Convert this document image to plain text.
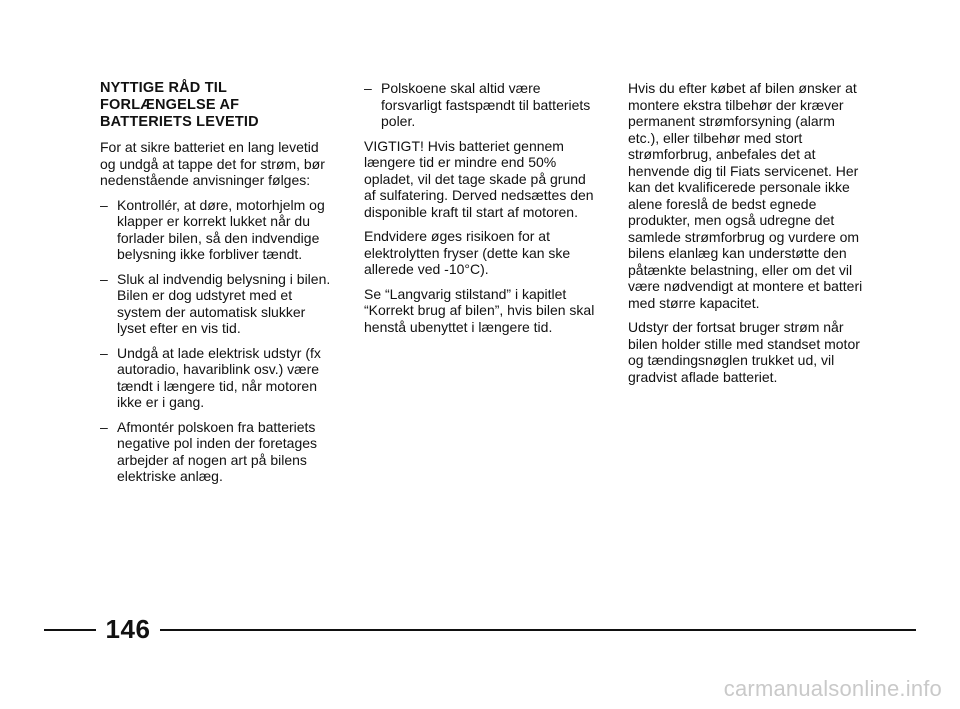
NYTTIGE RÅD TIL FORLÆNGELSE AF BATTERIETS LEVETID

For at sikre batteriet en lang levetid og undgå at tappe det for strøm, bør nedenstående anvisninger følges:

– Kontrollér, at døre, motorhjelm og klapper er korrekt lukket når du forlader bilen, så den indvendige belysning ikke forbliver tændt.
– Sluk al indvendig belysning i bilen. Bilen er dog udstyret med et system der automatisk slukker lyset efter en vis tid.
– Undgå at lade elektrisk udstyr (fx autoradio, havariblink osv.) være tændt i længere tid, når motoren ikke er i gang.
– Afmontér polskoen fra batteriets negative pol inden der foretages arbejder af nogen art på bilens elektriske anlæg.
– Polskoene skal altid være forsvarligt fastspændt til batteriets poler.

VIGTIGT! Hvis batteriet gennem længere tid er mindre end 50% opladet, vil det tage skade på grund af sulfatering. Derved nedsættes den disponible kraft til start af motoren.

Endvidere øges risikoen for at elektrolytten fryser (dette kan ske allerede ved -10°C).

Se “Langvarig stilstand” i kapitlet “Korrekt brug af bilen”, hvis bilen skal henstå ubenyttet i længere tid.

Hvis du efter købet af bilen ønsker at montere ekstra tilbehør der kræver permanent strømforsyning (alarm etc.), eller tilbehør med stort strømforbrug, anbefales det at henvende dig til Fiats servicenet. Her kan det kvalificerede personale ikke alene foreslå de bedst egnede produkter, men også udregne det samlede strømforbrug og vurdere om bilens elanlæg kan understøtte den påtænkte belastning, eller om det vil være nødvendigt at montere et batteri med større kapacitet.

Udstyr der fortsat bruger strøm når bilen holder stille med standset motor og tændingsnøglen trukket ud, vil gradvist aflade batteriet.

146
carmanualsonline.info
